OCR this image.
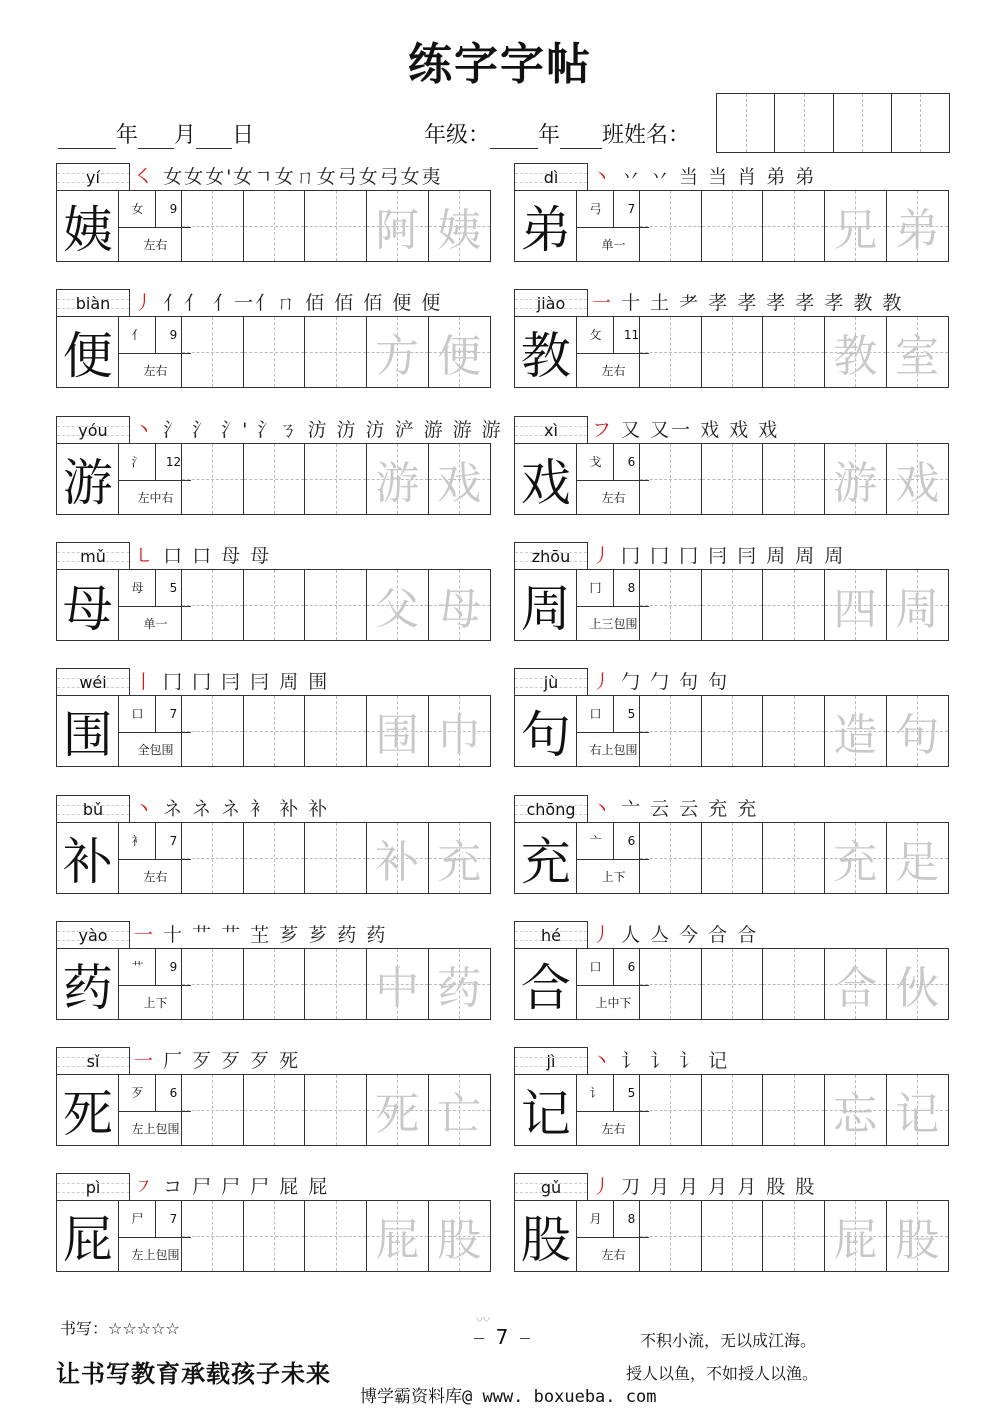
练字字帖
年 月 日	年级： 年 班姓名：
yí	㇛ 女女女'女ㄱ女ㄇ女弓女弓女夷
姨	女	9
左右	阿 姨
dì	丶 丷 丷 当 当 肖 弟 弟
弟	弓	7
单一	兄 弟
biàn	丿 亻亻 亻一亻ㄇ 佰 佰 佰 便 便
便	亻	9
左右	方 便
jiào	一 十 土 耂 孝 孝 孝 孝 孝 教 教
教	攵	11
左右	教 室
yóu	丶 氵 氵 氵' 氵ㄋ 汸 汸 汸 浐 游 游 游
游	氵	12
左中右	游 戏
xì	フ 又 又一 戏 戏 戏
戏	戈	6
左右	游 戏
mǔ	㇄ 口 口 母 母
母	母	5
单一	父 母
zhōu	丿 冂 冂 冂 冃 冃 周 周 周
周	冂	8
上三包围	四 周
wéi	丨 冂 冂 冃 冃 周 围
围	口	7
全包围	围 巾
jù	丿 勹 勹 句 句
句	口	5
右上包围	造 句
bǔ	丶 ネ ネ ネ 衤 补 补
补	衤	7
左右	补 充
chōng 丶 亠 云 云 充 充
充	亠	6
上下	充 足
yào	一 十 艹 艹 芏 芗 芗 药 药
药	艹	9
上下	中 药
hé	丿 人 亼 今 合 合
合	口	6
上中下	合 伙
sǐ	一 厂 歹 歹 歹 死
死	歹	6
左上包围	死 亡
jì	丶 讠 讠 讠 记
记	讠	5
左右	忘 记
pì	㇇ コ 尸 尸 尸 屁 屁
屁	尸	7
左上包围	屁 股
gǔ	丿 刀 月 月 月 月 股 股
股	月	8
左右	屁 股
书写：☆☆☆☆☆
让书写教育承载孩子未来
〰
7	不积小流，无以成江海。
授人以鱼，不如授人以渔。
博学霸资料库@ www. boxueba. com
